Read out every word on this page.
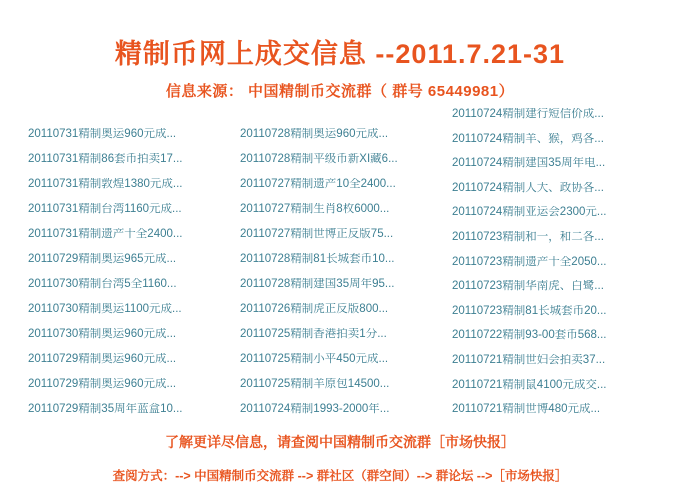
精制币网上成交信息 --2011.7.21-31
信息来源： 中国精制币交流群（ 群号 65449981）
20110731精制奥运960元成...
20110731精制86套币拍卖17...
20110731精制敦煌1380元成...
20110731精制台湾1160元成...
20110731精制遗产十全2400...
20110729精制奥运965元成...
20110730精制台湾5全1160...
20110730精制奥运1100元成...
20110730精制奥运960元成...
20110729精制奥运960元成...
20110729精制奥运960元成...
20110729精制35周年蓝盒10...
20110728精制奥运960元成...
20110728精制平级币新XI藏6...
20110727精制遗产10全2400...
20110727精制生肖8枚6000...
20110727精制世博正反版75...
20110728精制81长城套币10...
20110728精制建国35周年95...
20110726精制虎正反版800...
20110725精制香港拍卖1分...
20110725精制小平450元成...
20110725精制羊原包14500...
20110724精制1993-2000年...
20110724精制建行短信价成...
20110724精制羊、猴，鸡各...
20110724精制建国35周年电...
20110724精制人大、政协各...
20110724精制亚运会2300元...
20110723精制和一，和二各...
20110723精制遗产十全2050...
20110723精制华南虎、白鹭...
20110723精制81长城套币20...
20110722精制93-00套币568...
20110721精制世妇会拍卖37...
20110721精制鼠4100元成交...
20110721精制世博480元成...
了解更详尽信息，请查阅中国精制币交流群［市场快报］
查阅方式：--> 中国精制币交流群 --> 群社区（群空间）--> 群论坛 -->［市场快报］
